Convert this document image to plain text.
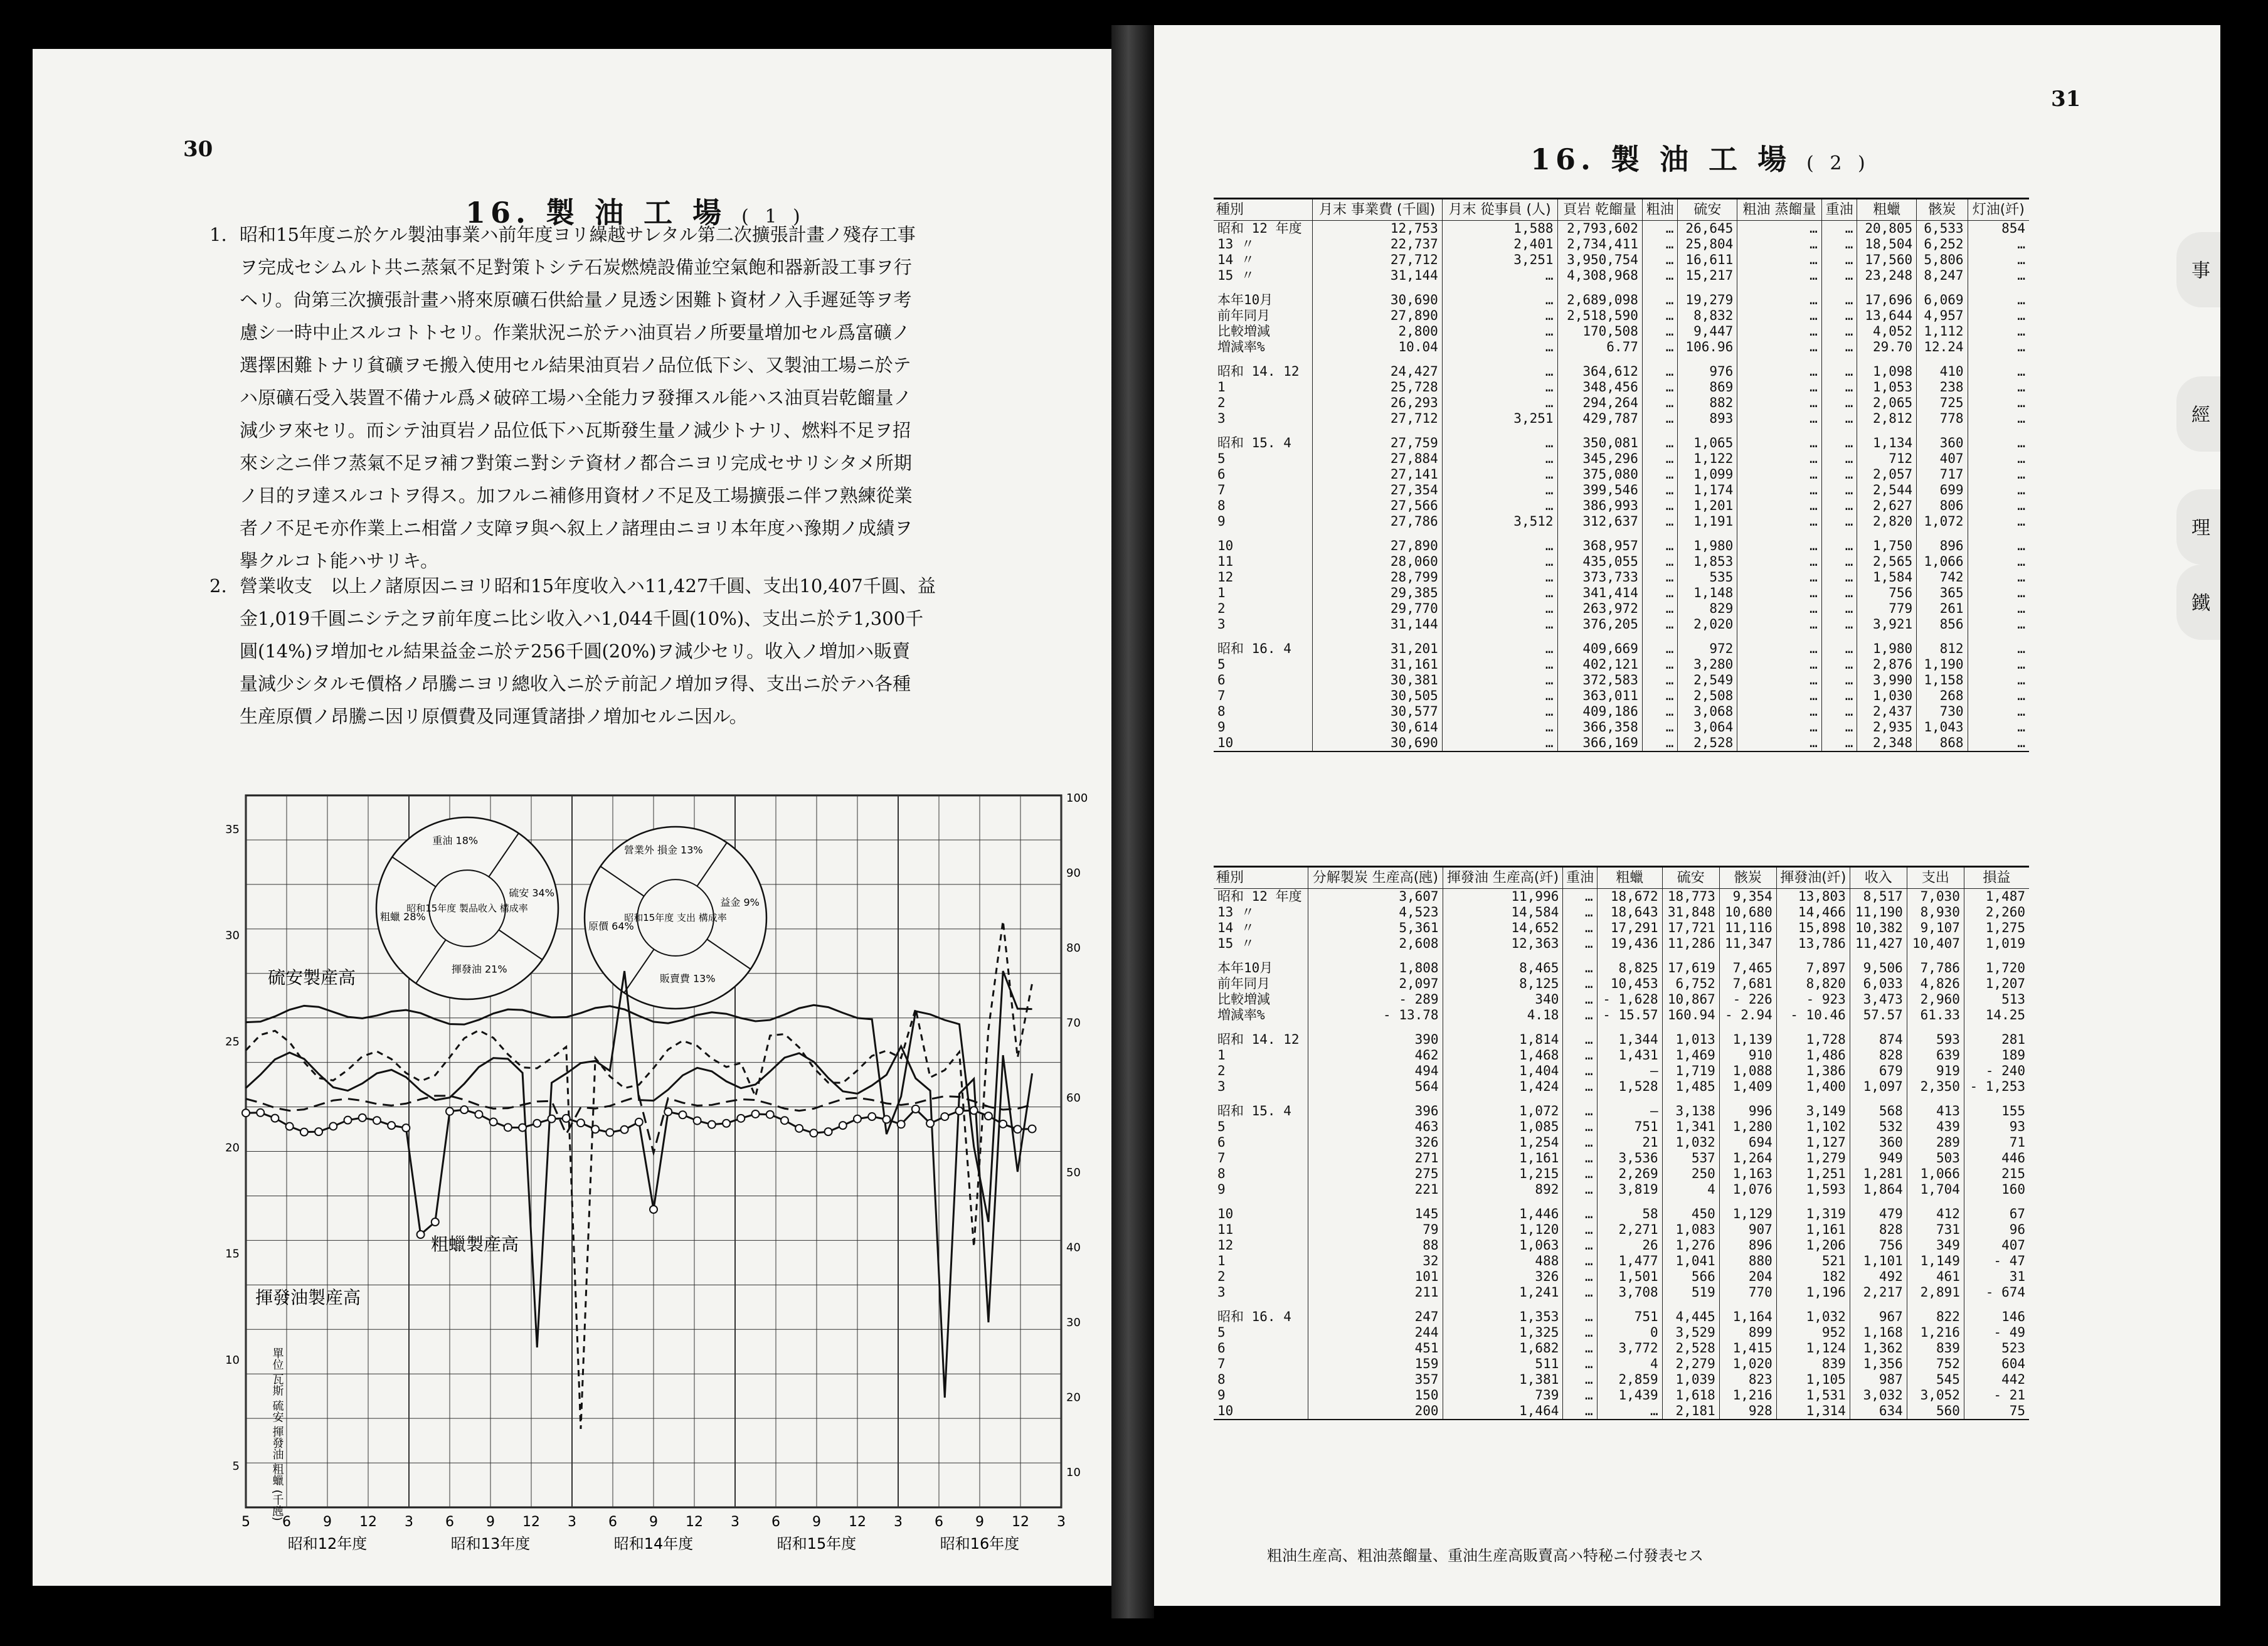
30
16. 製 油 工 場 ( 1 )
1. 昭和15年度ニ於ケル製油事業ハ前年度ヨリ繰越サレタル第二次擴張計畫ノ殘存工事
ヲ完成セシムルト共ニ蒸氣不足對策トシテ石炭燃燒設備並空氣飽和器新設工事ヲ行
ヘリ。尙第三次擴張計畫ハ將來原礦石供給量ノ見透シ困難ト資材ノ入手遲延等ヲ考
慮シ一時中止スルコトトセリ。作業狀況ニ於テハ油頁岩ノ所要量増加セル爲富礦ノ
選擇困難トナリ貧礦ヲモ搬入使用セル結果油頁岩ノ品位低下シ、又製油工場ニ於テ
ハ原礦石受入裝置不備ナル爲メ破碎工場ハ全能力ヲ發揮スル能ハス油頁岩乾餾量ノ
減少ヲ來セリ。而シテ油頁岩ノ品位低下ハ瓦斯發生量ノ減少トナリ、燃料不足ヲ招
來シ之ニ伴フ蒸氣不足ヲ補フ對策ニ對シテ資材ノ都合ニヨリ完成セサリシタメ所期
ノ目的ヲ達スルコトヲ得ス。加フルニ補修用資材ノ不足及工場擴張ニ伴フ熟練從業
者ノ不足モ亦作業上ニ相當ノ支障ヲ與ヘ叙上ノ諸理由ニヨリ本年度ハ豫期ノ成績ヲ
擧クルコト能ハサリキ。
2. 營業收支　以上ノ諸原因ニヨリ昭和15年度收入ハ11,427千圓、支出10,407千圓、益
金1,019千圓ニシテ之ヲ前年度ニ比シ收入ハ1,044千圓(10%)、支出ニ於テ1,300千
圓(14%)ヲ増加セル結果益金ニ於テ256千圓(20%)ヲ減少セリ。收入ノ増加ハ販賣
量減少シタルモ價格ノ昂騰ニヨリ總收入ニ於テ前記ノ増加ヲ得、支出ニ於テハ各種
生産原價ノ昂騰ニ因リ原價費及同運賃諸掛ノ増加セルニ因ル。
硫安 34%
揮發油 21%
粗蠟 28%
重油 18%
昭和15年度 製品收入 構成率
益金 9%
販賣費 13%
原價 64%
營業外 損金 13%
昭和15年度 支出 構成率
5 6 9 12 3 6 9 12 3 6 9 12 3 6 9 12 3 6 9 12 3
昭和12年度	昭和13年度	昭和14年度	昭和15年度	昭和16年度
35
30
25
20
15
10
5
100
90
80
70
60
50
40
30
20
10
硫安製産高
粗蠟製産高
揮發油製産高
單位 瓦斯 硫安 揮發油 粗蠟 (千瓲)
31
16. 製 油 工 場 ( 2 )
種別	月末 事業費 (千圓)	月末 從事員 (人)	頁岩 乾餾量	粗油	硫安	粗油 蒸餾量	重油	粗蠟	骸炭	灯油(竏)
昭和 12 年度	12,753	1,588	2,793,602	…	26,645	…	…	20,805	6,533	854
13 〃	22,737	2,401	2,734,411	…	25,804	…	…	18,504	6,252	…
14 〃	27,712	3,251	3,950,754	…	16,611	…	…	17,560	5,806	…
15 〃	31,144	…	4,308,968	…	15,217	…	…	23,248	8,247	…
本年10月	30,690	…	2,689,098	…	19,279	…	…	17,696	6,069	…
前年同月	27,890	…	2,518,590	…	8,832	…	…	13,644	4,957	…
比較増減	2,800	…	170,508	…	9,447	…	…	4,052	1,112	…
増減率%	10.04	…	6.77	…	106.96	…	…	29.70	12.24	…
昭和 14. 12	24,427	…	364,612	…	976	…	…	1,098	410	…
1	25,728	…	348,456	…	869	…	…	1,053	238	…
2	26,293	…	294,264	…	882	…	…	2,065	725	…
3	27,712	3,251	429,787	…	893	…	…	2,812	778	…
昭和 15. 4	27,759	…	350,081	…	1,065	…	…	1,134	360	…
5	27,884	…	345,296	…	1,122	…	…	712	407	…
6	27,141	…	375,080	…	1,099	…	…	2,057	717	…
7	27,354	…	399,546	…	1,174	…	…	2,544	699	…
8	27,566	…	386,993	…	1,201	…	…	2,627	806	…
9	27,786	3,512	312,637	…	1,191	…	…	2,820	1,072	…
10	27,890	…	368,957	…	1,980	…	…	1,750	896	…
11	28,060	…	435,055	…	1,853	…	…	2,565	1,066	…
12	28,799	…	373,733	…	535	…	…	1,584	742	…
1	29,385	…	341,414	…	1,148	…	…	756	365	…
2	29,770	…	263,972	…	829	…	…	779	261	…
3	31,144	…	376,205	…	2,020	…	…	3,921	856	…
昭和 16. 4	31,201	…	409,669	…	972	…	…	1,980	812	…
5	31,161	…	402,121	…	3,280	…	…	2,876	1,190	…
6	30,381	…	372,583	…	2,549	…	…	3,990	1,158	…
7	30,505	…	363,011	…	2,508	…	…	1,030	268	…
8	30,577	…	409,186	…	3,068	…	…	2,437	730	…
9	30,614	…	366,358	…	3,064	…	…	2,935	1,043	…
10	30,690	…	366,169	…	2,528	…	…	2,348	868	…
種別	分解製炭 生産高(瓲)	揮發油 生産高(竏)	重油	粗蠟	硫安	骸炭	揮發油(竏)	收入	支出	損益
昭和 12 年度	3,607	11,996	…	18,672	18,773	9,354	13,803	8,517	7,030	1,487
13 〃	4,523	14,584	…	18,643	31,848	10,680	14,466	11,190	8,930	2,260
14 〃	5,361	14,652	…	17,291	17,721	11,116	15,898	10,382	9,107	1,275
15 〃	2,608	12,363	…	19,436	11,286	11,347	13,786	11,427	10,407	1,019
本年10月	1,808	8,465	…	8,825	17,619	7,465	7,897	9,506	7,786	1,720
前年同月	2,097	8,125	…	10,453	6,752	7,681	8,820	6,033	4,826	1,207
比較増減	- 289	340	…	- 1,628	10,867	- 226	- 923	3,473	2,960	513
増減率%	- 13.78	4.18	…	- 15.57	160.94	- 2.94	- 10.46	57.57	61.33	14.25
昭和 14. 12	390	1,814	…	1,344	1,013	1,139	1,728	874	593	281
1	462	1,468	…	1,431	1,469	910	1,486	828	639	189
2	494	1,404	…	—	1,719	1,088	1,386	679	919	- 240
3	564	1,424	…	1,528	1,485	1,409	1,400	1,097	2,350	- 1,253
昭和 15. 4	396	1,072	…	—	3,138	996	3,149	568	413	155
5	463	1,085	…	751	1,341	1,280	1,102	532	439	93
6	326	1,254	…	21	1,032	694	1,127	360	289	71
7	271	1,161	…	3,536	537	1,264	1,279	949	503	446
8	275	1,215	…	2,269	250	1,163	1,251	1,281	1,066	215
9	221	892	…	3,819	4	1,076	1,593	1,864	1,704	160
10	145	1,446	…	58	450	1,129	1,319	479	412	67
11	79	1,120	…	2,271	1,083	907	1,161	828	731	96
12	88	1,063	…	26	1,276	896	1,206	756	349	407
1	32	488	…	1,477	1,041	880	521	1,101	1,149	- 47
2	101	326	…	1,501	566	204	182	492	461	31
3	211	1,241	…	3,708	519	770	1,196	2,217	2,891	- 674
昭和 16. 4	247	1,353	…	751	4,445	1,164	1,032	967	822	146
5	244	1,325	…	0	3,529	899	952	1,168	1,216	- 49
6	451	1,682	…	3,772	2,528	1,415	1,124	1,362	839	523
7	159	511	…	4	2,279	1,020	839	1,356	752	604
8	357	1,381	…	2,859	1,039	823	1,105	987	545	442
9	150	739	…	1,439	1,618	1,216	1,531	3,032	3,052	- 21
10	200	1,464	…	…	2,181	928	1,314	634	560	75
粗油生産高、粗油蒸餾量、重油生産高販賣高ハ特秘ニ付發表セス
事
經
理
鐵
